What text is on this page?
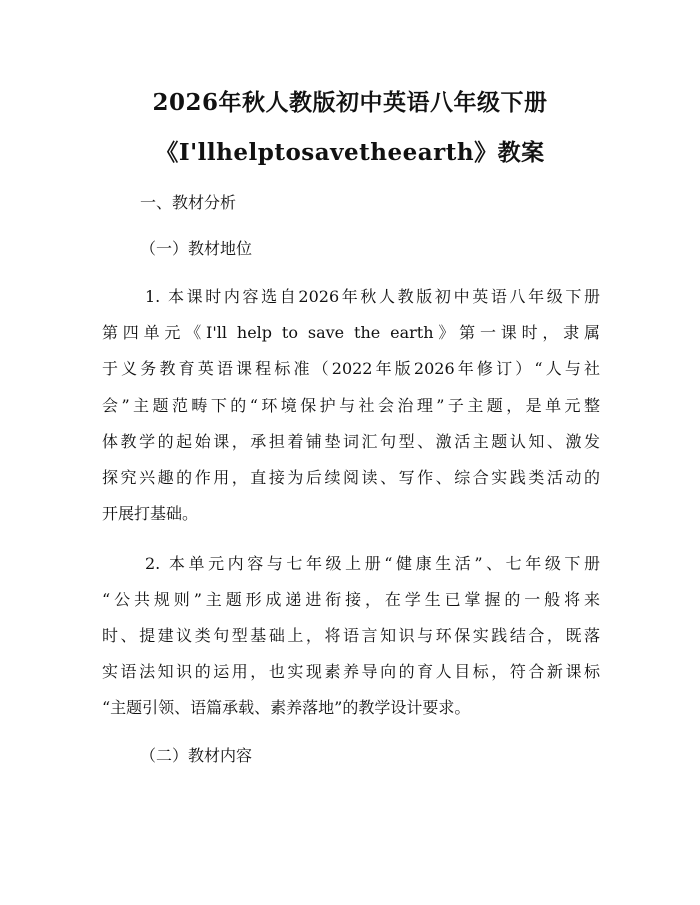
2026年秋人教版初中英语八年级下册
《I'llhelptosavetheearth》教案
一、教材分析
（一）教材地位
1. 本课时内容选自2026年秋人教版初中英语八年级下册
第四单元《I'll help to save the earth》第一课时，隶属
于义务教育英语课程标准（2022年版2026年修订）“人与社
会”主题范畴下的“环境保护与社会治理”子主题，是单元整
体教学的起始课，承担着铺垫词汇句型、激活主题认知、激发
探究兴趣的作用，直接为后续阅读、写作、综合实践类活动的
开展打基础。
2. 本单元内容与七年级上册“健康生活”、七年级下册
“公共规则”主题形成递进衔接，在学生已掌握的一般将来
时、提建议类句型基础上，将语言知识与环保实践结合，既落
实语法知识的运用，也实现素养导向的育人目标，符合新课标
“主题引领、语篇承载、素养落地”的教学设计要求。
（二）教材内容
